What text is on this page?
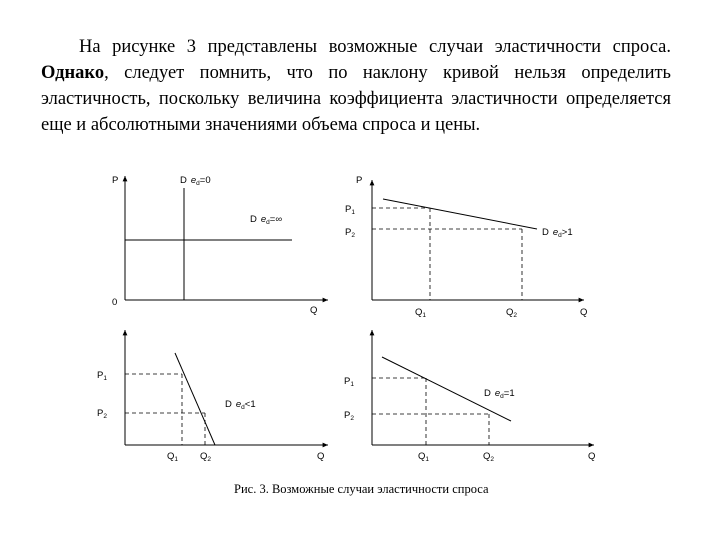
На рисунке 3 представлены возможные случаи эластичности спроса. Однако, следует помнить, что по наклону кривой нельзя определить эластичность, поскольку величина коэффициента эластичности определяется еще и абсолютными значениями объема спроса и цены.
P
0
Q
D ed=0
D ed=∞
P
P1
P2
Q1	Q2	Q
D ed>1
P1
P2
Q1 Q2	Q
D ed<1
P1
P2
Q1	Q2	Q
D ed=1
Рис. 3. Возможные случаи эластичности спроса
